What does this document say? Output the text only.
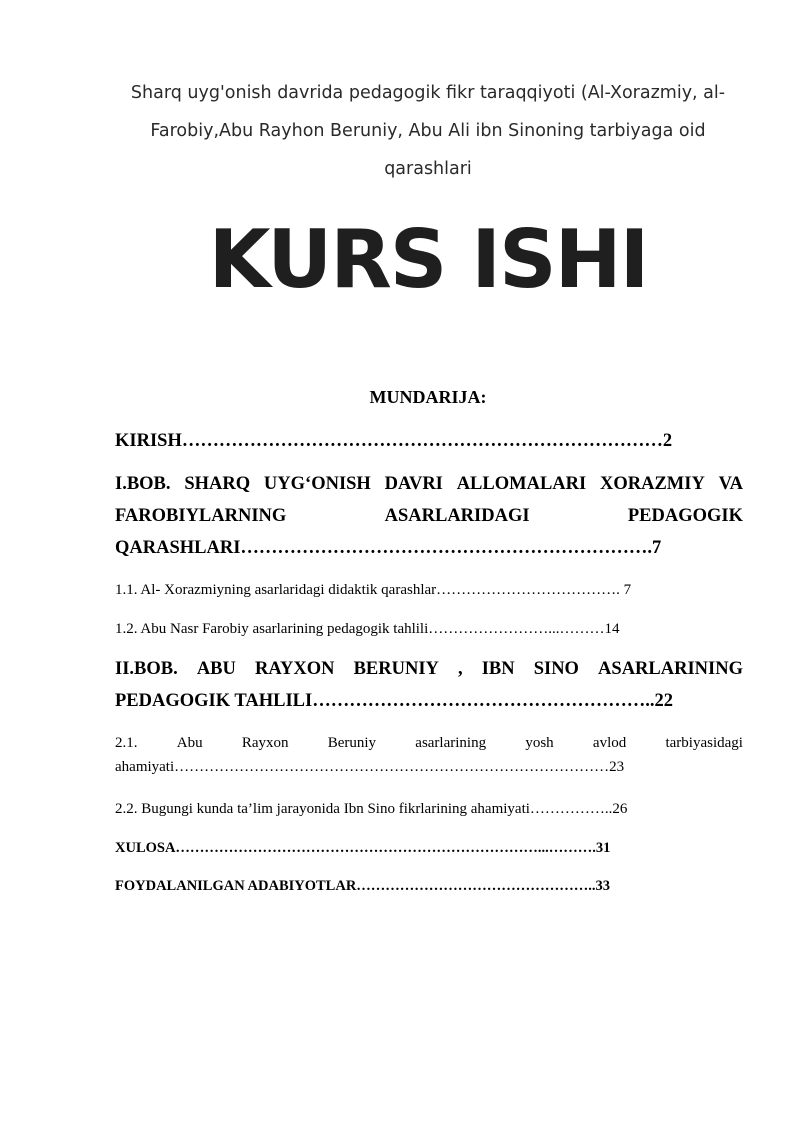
Sharq uyg'onish davrida pedagogik fikr taraqqiyoti (Al-Xorazmiy, al-
Farobiy,Abu Rayhon Beruniy, Abu Ali ibn Sinoning tarbiyaga oid
qarashlari
KURS ISHI
MUNDARIJA:
KIRISH……………………………………………………………………2
I.BOB. SHARQ UYG‘ONISH DAVRI ALLOMALARI XORAZMIY VA
FAROBIYLARNING	ASARLARIDAGI	PEDAGOGIK
QARASHLARI………………………………………………………….7
1.1. Al- Xorazmiyning asarlaridagi didaktik qarashlar………………………………. 7
1.2. Abu Nasr Farobiy asarlarining pedagogik tahlili……………………...………14
II.BOB. ABU RAYXON BERUNIY , IBN SINO ASARLARINING
PEDAGOGIK TAHLILI………………………………………………..22
2.1.	Abu	Rayxon	Beruniy	asarlarining	yosh	avlod	tarbiyasidagi
ahamiyati……………………………………………………………………………23
2.2. Bugungi kunda ta’lim jarayonida Ibn Sino fikrlarining ahamiyati……………..26
XULOSA…………………………………………………………………...……….31
FOYDALANILGAN ADABIYOTLAR…………………………………………..33
